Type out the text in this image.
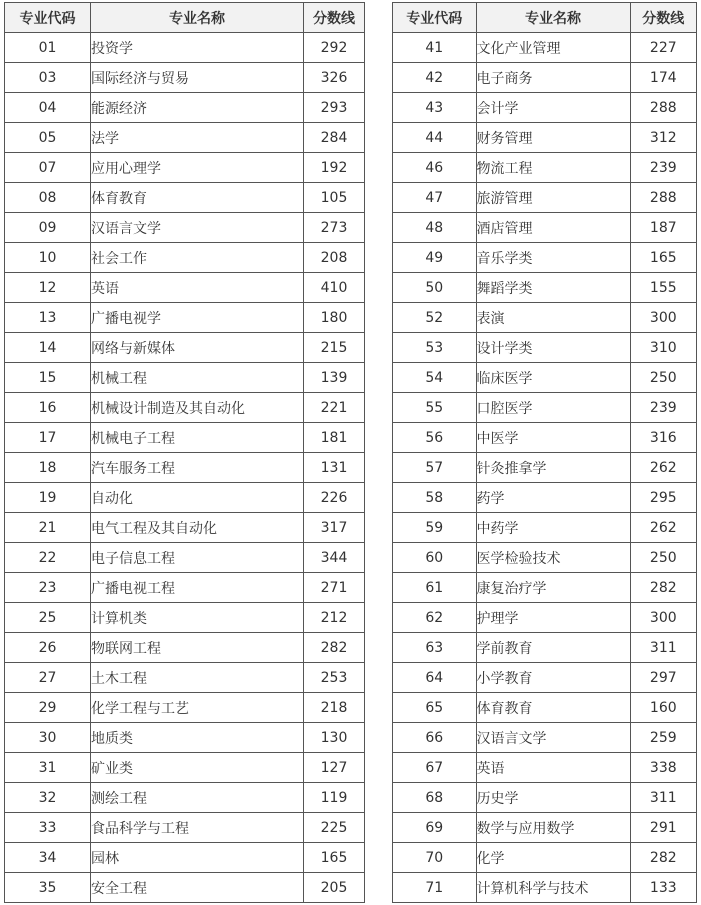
专业代码	专业名称	分数线
01	投资学	292
03	国际经济与贸易	326
04	能源经济	293
05	法学	284
07	应用心理学	192
08	体育教育	105
09	汉语言文学	273
10	社会工作	208
12	英语	410
13	广播电视学	180
14	网络与新媒体	215
15	机械工程	139
16	机械设计制造及其自动化	221
17	机械电子工程	181
18	汽车服务工程	131
19	自动化	226
21	电气工程及其自动化	317
22	电子信息工程	344
23	广播电视工程	271
25	计算机类	212
26	物联网工程	282
27	土木工程	253
29	化学工程与工艺	218
30	地质类	130
31	矿业类	127
32	测绘工程	119
33	食品科学与工程	225
34	园林	165
35	安全工程	205
专业代码	专业名称	分数线
41	文化产业管理	227
42	电子商务	174
43	会计学	288
44	财务管理	312
46	物流工程	239
47	旅游管理	288
48	酒店管理	187
49	音乐学类	165
50	舞蹈学类	155
52	表演	300
53	设计学类	310
54	临床医学	250
55	口腔医学	239
56	中医学	316
57	针灸推拿学	262
58	药学	295
59	中药学	262
60	医学检验技术	250
61	康复治疗学	282
62	护理学	300
63	学前教育	311
64	小学教育	297
65	体育教育	160
66	汉语言文学	259
67	英语	338
68	历史学	311
69	数学与应用数学	291
70	化学	282
71	计算机科学与技术	133
